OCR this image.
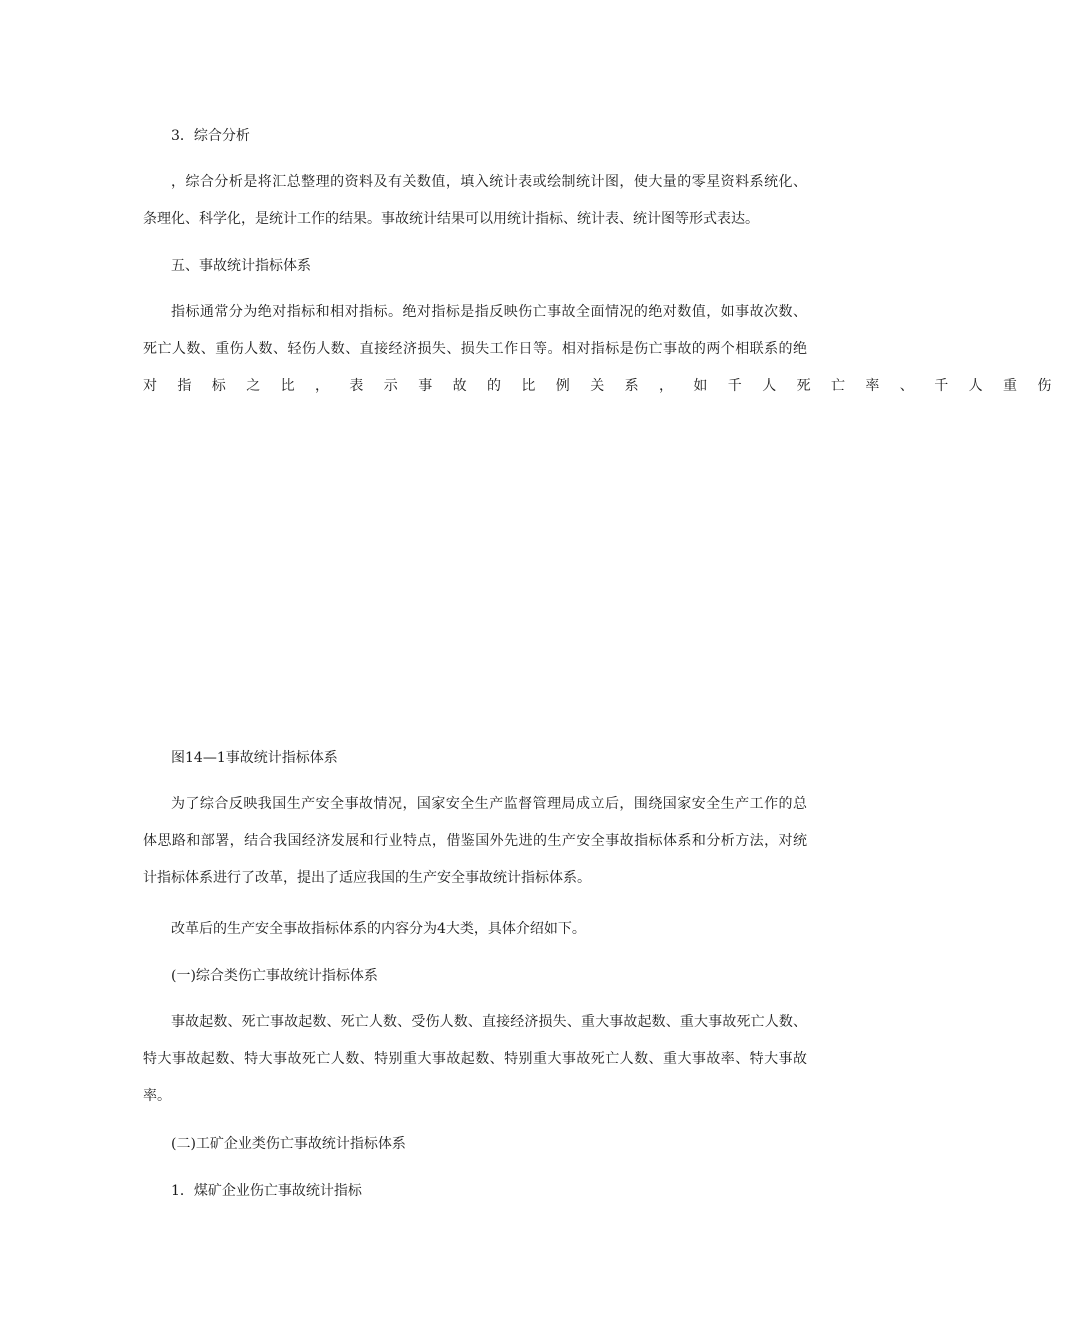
3．综合分析

，综合分析是将汇总整理的资料及有关数值，填入统计表或绘制统计图，使大量的零星资料系统化、
条理化、科学化，是统计工作的结果。事故统计结果可以用统计指标、统计表、统计图等形式表达。

五、事故统计指标体系

指标通常分为绝对指标和相对指标。绝对指标是指反映伤亡事故全面情况的绝对数值，如事故次数、
死亡人数、重伤人数、轻伤人数、直接经济损失、损失工作日等。相对指标是伤亡事故的两个相联系的绝
对指标之比，表示事故的比例关系，如千人死亡率、千人重伤

图14—1事故统计指标体系

为了综合反映我国生产安全事故情况，国家安全生产监督管理局成立后，围绕国家安全生产工作的总
体思路和部署，结合我国经济发展和行业特点，借鉴国外先进的生产安全事故指标体系和分析方法，对统
计指标体系进行了改革，提出了适应我国的生产安全事故统计指标体系。

改革后的生产安全事故指标体系的内容分为4大类，具体介绍如下。

(一)综合类伤亡事故统计指标体系

事故起数、死亡事故起数、死亡人数、受伤人数、直接经济损失、重大事故起数、重大事故死亡人数、
特大事故起数、特大事故死亡人数、特别重大事故起数、特别重大事故死亡人数、重大事故率、特大事故
率。

(二)工矿企业类伤亡事故统计指标体系

1．煤矿企业伤亡事故统计指标
